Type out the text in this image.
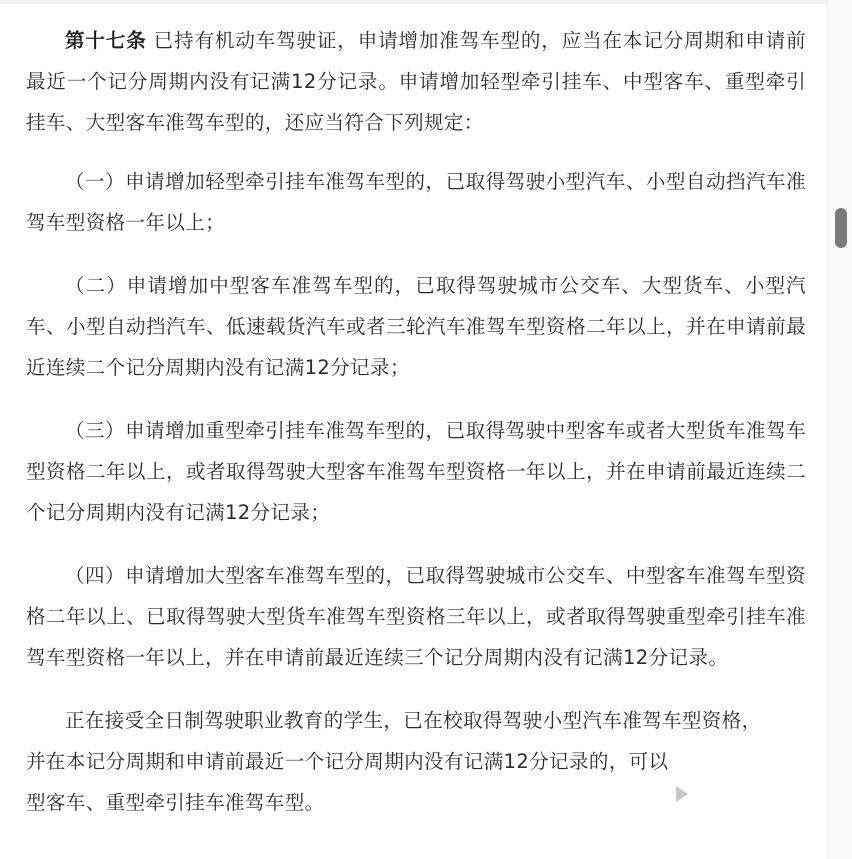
第十七条 已持有机动车驾驶证，申请增加准驾车型的，应当在本记分周期和申请前最近一个记分周期内没有记满12分记录。申请增加轻型牵引挂车、中型客车、重型牵引挂车、大型客车准驾车型的，还应当符合下列规定：

（一）申请增加轻型牵引挂车准驾车型的，已取得驾驶小型汽车、小型自动挡汽车准驾车型资格一年以上；

（二）申请增加中型客车准驾车型的，已取得驾驶城市公交车、大型货车、小型汽车、小型自动挡汽车、低速载货汽车或者三轮汽车准驾车型资格二年以上，并在申请前最近连续二个记分周期内没有记满12分记录；

（三）申请增加重型牵引挂车准驾车型的，已取得驾驶中型客车或者大型货车准驾车型资格二年以上，或者取得驾驶大型客车准驾车型资格一年以上，并在申请前最近连续二个记分周期内没有记满12分记录；

（四）申请增加大型客车准驾车型的，已取得驾驶城市公交车、中型客车准驾车型资格二年以上、已取得驾驶大型货车准驾车型资格三年以上，或者取得驾驶重型牵引挂车准驾车型资格一年以上，并在申请前最近连续三个记分周期内没有记满12分记录。

正在接受全日制驾驶职业教育的学生，已在校取得驾驶小型汽车准驾车型资格，
并在本记分周期和申请前最近一个记分周期内没有记满12分记录的，可以
型客车、重型牵引挂车准驾车型。
